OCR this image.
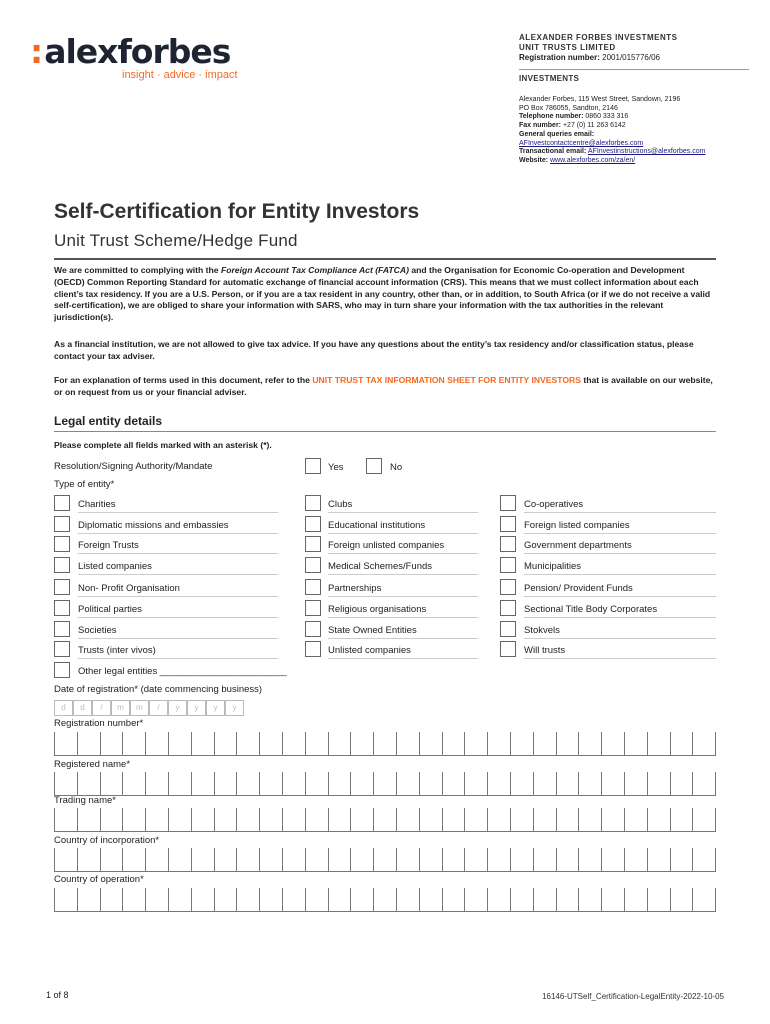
:alexforbes
insight · advice · impact
ALEXANDER FORBES INVESTMENTS
UNIT TRUSTS LIMITED
Registration number: 2001/015776/06
INVESTMENTS
Alexander Forbes, 115 West Street, Sandown, 2196
PO Box 786055, Sandton, 2146
Telephone number: 0860 333 316
Fax number: +27 (0) 11 263 6142
General queries email:
AFInvestcontactcentre@alexforbes.com
Transactional email: AFInvestinstructions@alexforbes.com
Website: www.alexforbes.com/za/en/
Self-Certification for Entity Investors
Unit Trust Scheme/Hedge Fund
We are committed to complying with the Foreign Account Tax Compliance Act (FATCA) and the Organisation for Economic Co-operation and Development (OECD) Common Reporting Standard for automatic exchange of financial account information (CRS). This means that we must collect information about each client’s tax residency. If you are a U.S. Person, or if you are a tax resident in any country, other than, or in addition, to South Africa (or if we do not receive a valid self-certification), we are obliged to share your information with SARS, who may in turn share your information with the tax authorities in the relevant jurisdiction(s).
As a financial institution, we are not allowed to give tax advice. If you have any questions about the entity’s tax residency and/or classification status, please contact your tax adviser.
For an explanation of terms used in this document, refer to the UNIT TRUST TAX INFORMATION SHEET FOR ENTITY INVESTORS that is available on our website, or on request from us or your financial adviser.
Legal entity details
Please complete all fields marked with an asterisk (*).
Resolution/Signing Authority/Mandate	Yes	No
Type of entity*
Charities	Clubs	Co-operatives
Diplomatic missions and embassies	Educational institutions	Foreign listed companies
Foreign Trusts	Foreign unlisted companies	Government departments
Listed companies	Medical Schemes/Funds	Municipalities
Non- Profit Organisation	Partnerships	Pension/ Provident Funds
Political parties	Religious organisations	Sectional Title Body Corporates
Societies	State Owned Entities	Stokvels
Trusts (inter vivos)	Unlisted companies	Will trusts
Other legal entities ________________________
Date of registration* (date commencing business)
d	d	/	m	m	/	y	y	y	y
Registration number*
Registered name*
Trading name*
Country of incorporation*
Country of operation*
1 of 8	16146-UTSelf_Certification-LegalEntity-2022-10-05
